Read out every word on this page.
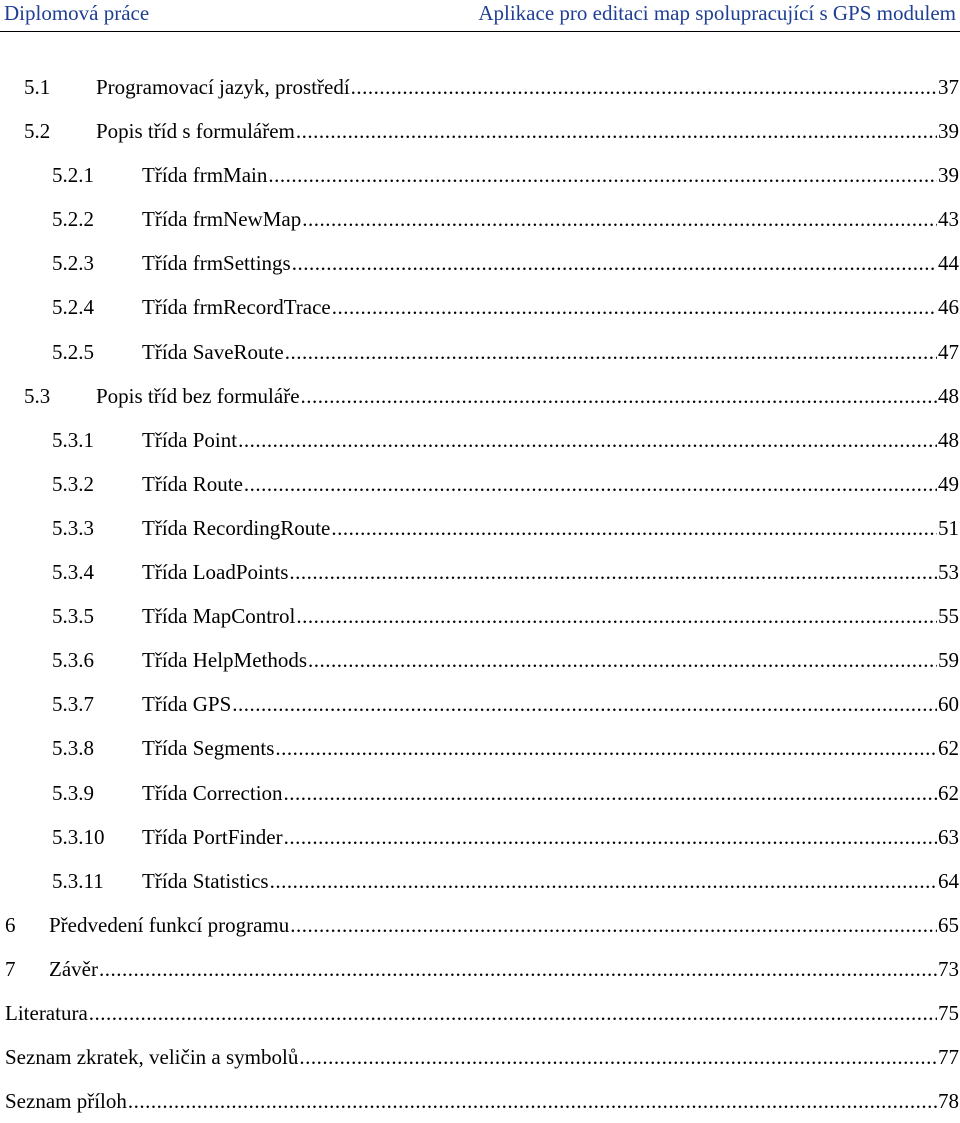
Diplomová práce	Aplikace pro editaci map spolupracující s GPS modulem
5.1	Programovací jazyk, prostředí .....	37
5.2	Popis tříd s formulářem .....	39
5.2.1	Třída frmMain .....	39
5.2.2	Třída frmNewMap .....	43
5.2.3	Třída frmSettings .....	44
5.2.4	Třída frmRecordTrace .....	46
5.2.5	Třída SaveRoute .....	47
5.3	Popis tříd bez formuláře .....	48
5.3.1	Třída Point .....	48
5.3.2	Třída Route .....	49
5.3.3	Třída RecordingRoute .....	51
5.3.4	Třída LoadPoints .....	53
5.3.5	Třída MapControl .....	55
5.3.6	Třída HelpMethods .....	59
5.3.7	Třída GPS .....	60
5.3.8	Třída Segments .....	62
5.3.9	Třída Correction .....	62
5.3.10	Třída PortFinder .....	63
5.3.11	Třída Statistics .....	64
6	Předvedení funkcí programu .....	65
7	Závěr .....	73
Literatura .....	75
Seznam zkratek, veličin a symbolů .....	77
Seznam příloh .....	78
